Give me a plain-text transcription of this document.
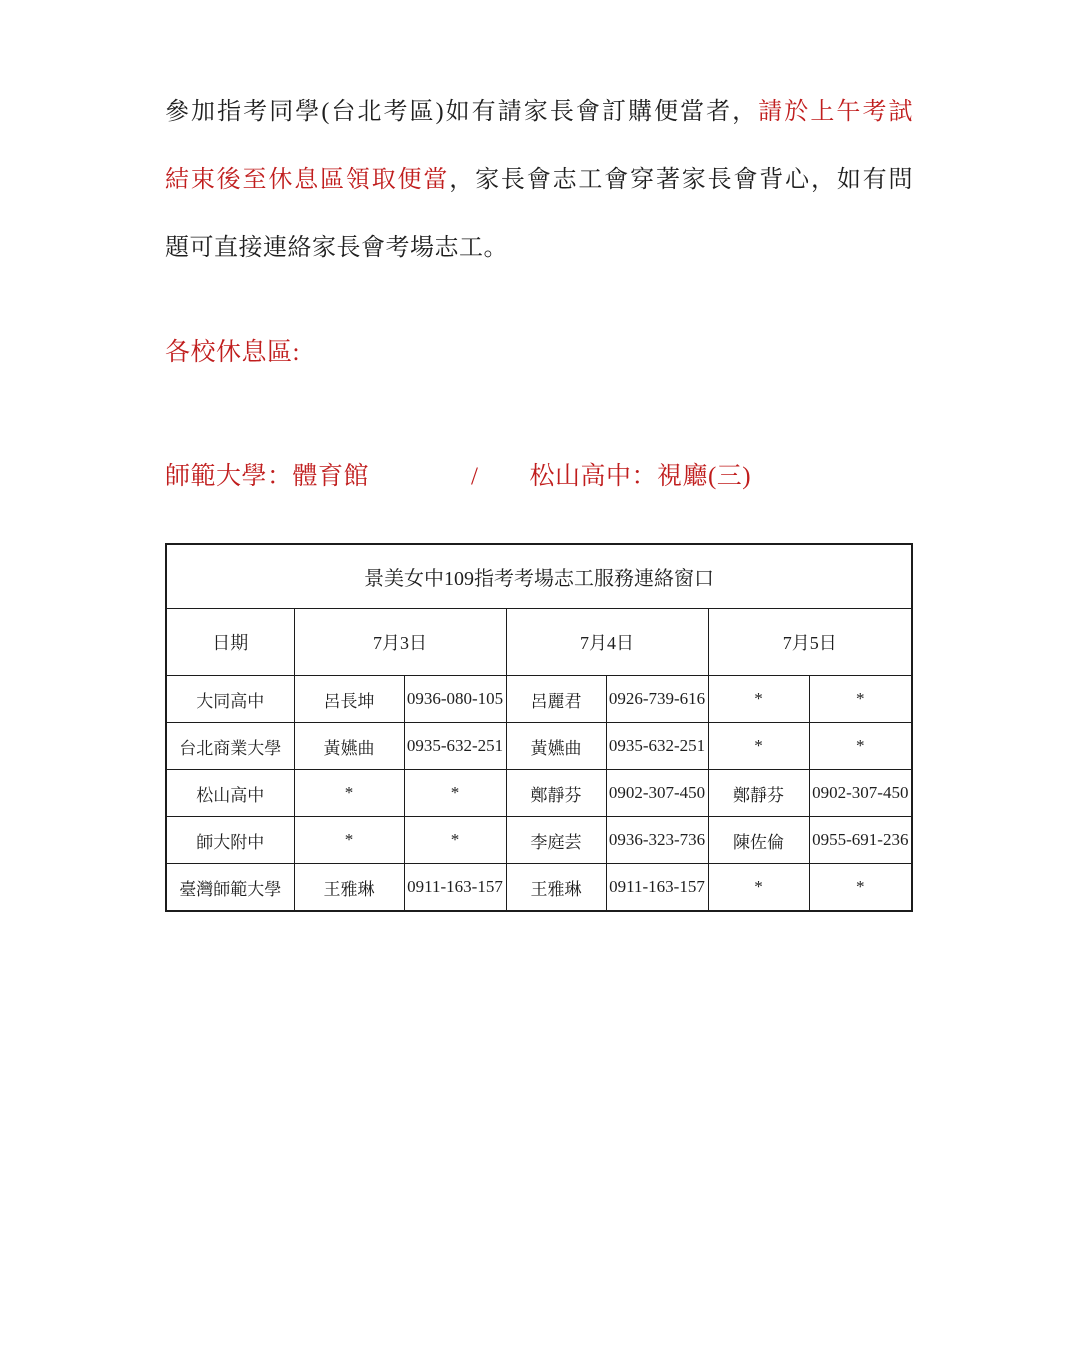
參加指考同學(台北考區)如有請家長會訂購便當者，請於上午考試
結束後至休息區領取便當，家長會志工會穿著家長會背心，如有問
題可直接連絡家長會考場志工。

各校休息區:

師範大學：體育館　　　　/　　松山高中：視廳(三)

景美女中109指考考場志工服務連絡窗口						
日期	7月3日		7月4日		7月5日	
大同高中	呂長坤	0936-080-105	呂麗君	0926-739-616	*	*
台北商業大學	黃嬿曲	0935-632-251	黃嬿曲	0935-632-251	*	*
松山高中	*	*	鄭靜芬	0902-307-450	鄭靜芬	0902-307-450
師大附中	*	*	李庭芸	0936-323-736	陳佐倫	0955-691-236
臺灣師範大學	王雅琳	0911-163-157	王雅琳	0911-163-157	*	*
